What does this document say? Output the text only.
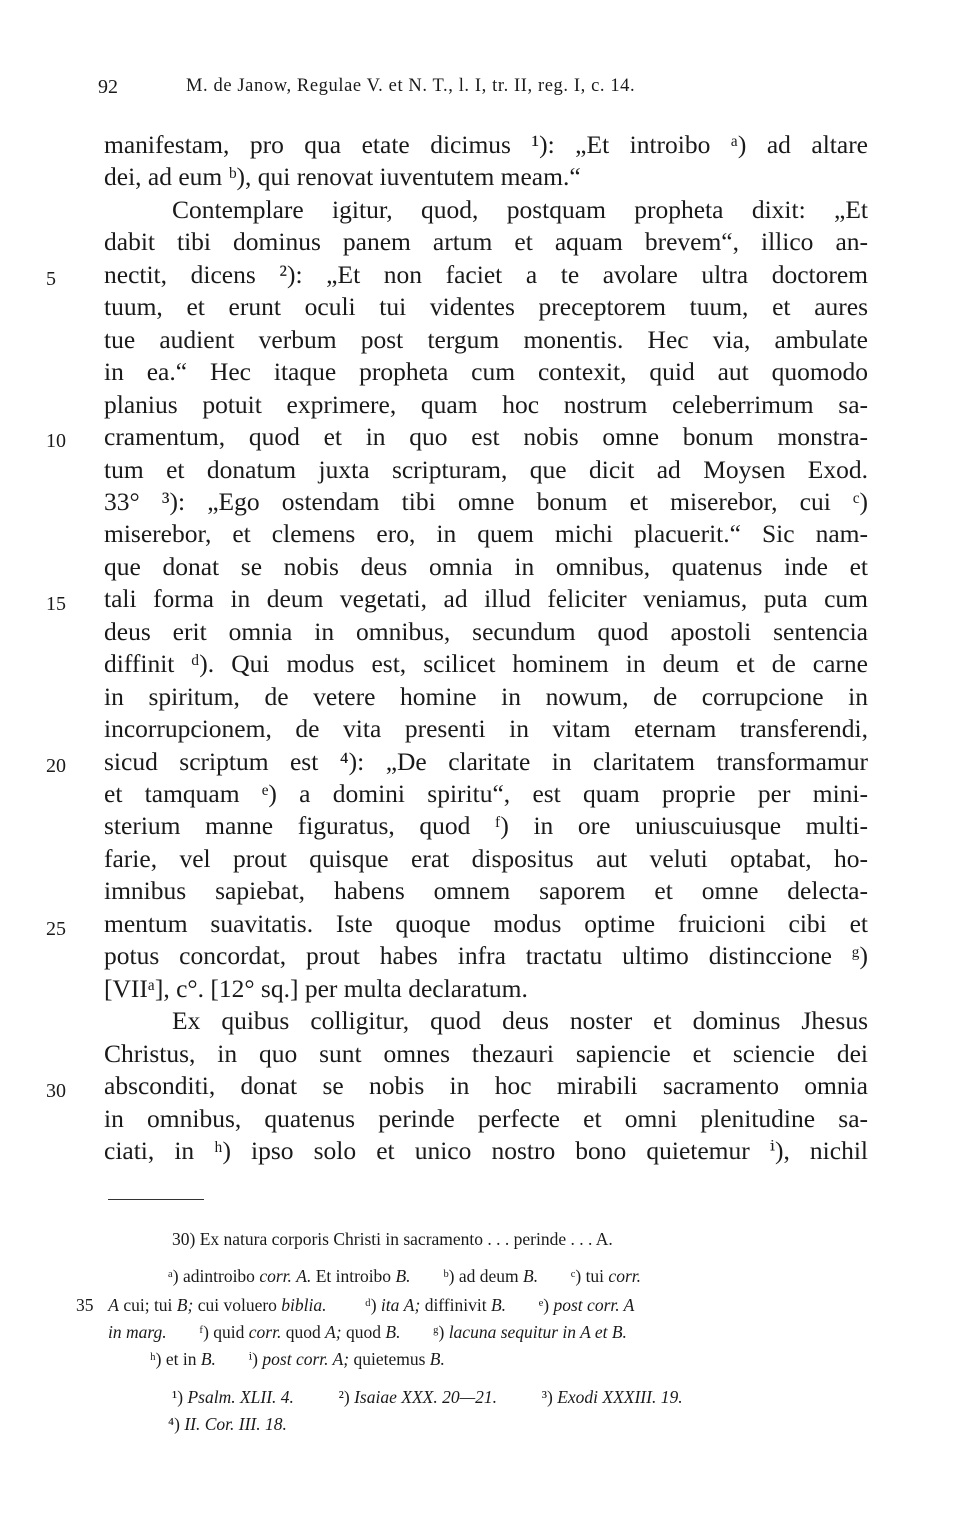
92	M. de Janow, Regulae V. et N. T., l. I, tr. II, reg. I, c. 14.
manifestam, pro qua etate dicimus ¹): „Et introibo ᵃ) ad altare
dei, ad eum ᵇ), qui renovat iuventutem meam.“
Contemplare igitur, quod, postquam propheta dixit: „Et
dabit tibi dominus panem artum et aquam brevem“, illico an-
nectit, dicens ²): „Et non faciet a te avolare ultra doctorem
tuum, et erunt oculi tui videntes preceptorem tuum, et aures
tue audient verbum post tergum monentis. Hec via, ambulate
in ea.“ Hec itaque propheta cum contexit, quid aut quomodo
planius potuit exprimere, quam hoc nostrum celeberrimum sa-
cramentum, quod et in quo est nobis omne bonum monstra-
tum et donatum juxta scripturam, que dicit ad Moysen Exod.
33° ³): „Ego ostendam tibi omne bonum et miserebor, cui ᶜ)
miserebor, et clemens ero, in quem michi placuerit.“ Sic nam-
que donat se nobis deus omnia in omnibus, quatenus inde et
tali forma in deum vegetati, ad illud feliciter veniamus, puta cum
deus erit omnia in omnibus, secundum quod apostoli sentencia
diffinit ᵈ). Qui modus est, scilicet hominem in deum et de carne
in spiritum, de vetere homine in nowum, de corrupcione in
incorrupcionem, de vita presenti in vitam eternam transferendi,
sicud scriptum est ⁴): „De claritate in claritatem transformamur
et tamquam ᵉ) a domini spiritu“, est quam proprie per mini-
sterium manne figuratus, quod ᶠ) in ore uniuscuiusque multi-
farie, vel prout quisque erat dispositus aut veluti optabat, ho-
imnibus sapiebat, habens omnem saporem et omne delecta-
mentum suavitatis. Iste quoque modus optime fruicioni cibi et
potus concordat, prout habes infra tractatu ultimo distinccione ᵍ)
[VIIᵃ], c°. [12° sq.] per multa declaratum.
Ex quibus colligitur, quod deus noster et dominus Jhesus
Christus, in quo sunt omnes thezauri sapiencie et sciencie dei
absconditi, donat se nobis in hoc mirabili sacramento omnia
in omnibus, quatenus perinde perfecte et omni plenitudine sa-
ciati, in ʰ) ipso solo et unico nostro bono quietemur ⁱ), nichil
5
10
15
20
25
30
30) Ex natura corporis Christi in sacramento . . . perinde . . . A.
ᵃ) adintroibo corr. A. Et introibo B. ᵇ) ad deum B. ᶜ) tui corr.
35 A cui; tui B; cui voluero biblia. ᵈ) ita A; diffinivit B. ᵉ) post corr. A
in marg. ᶠ) quid corr. quod A; quod B. ᵍ) lacuna sequitur in A et B.
ʰ) et in B. ⁱ) post corr. A; quietemus B.
¹) Psalm. XLII. 4.	²) Isaiae XXX. 20—21.	³) Exodi XXXIII. 19.
⁴) II. Cor. III. 18.
